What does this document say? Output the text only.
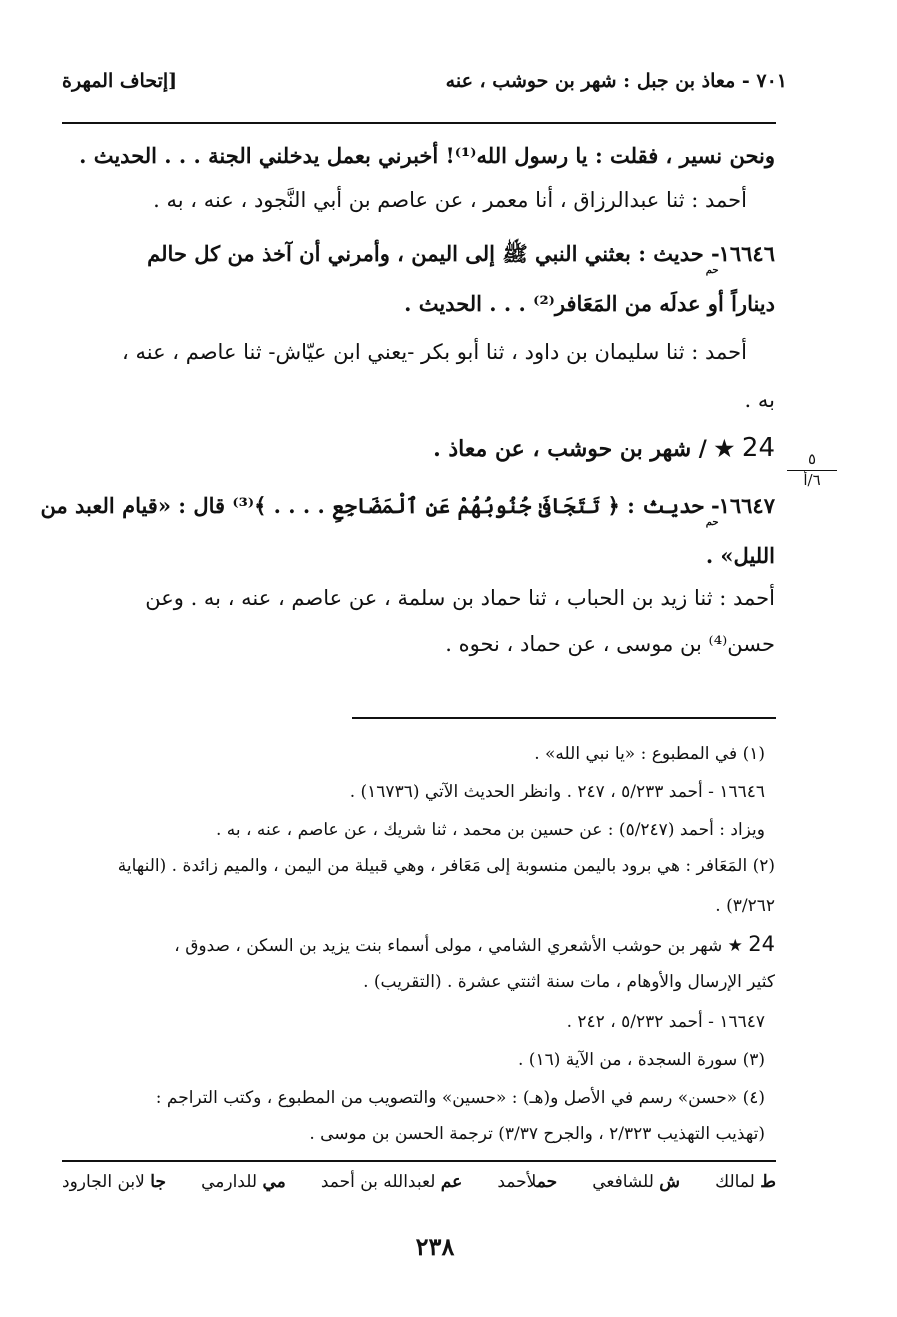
٧٠١ - معاذ بن جبل : شهر بن حوشب ، عنه
[إتحاف المهرة
ونحن نسير ، فقلت : يا رسول الله⁽¹⁾! أخبرني بعمل يدخلني الجنة . . . الحديث .
أحمد : ثنا عبدالرزاق ، أنا معمر ، عن عاصم بن أبي النَّجود ، عنه ، به .
١٦٦٤٦حم- حديث : بعثني النبي ﷺ إلى اليمن ، وأمرني أن آخذ من كل حالم
ديناراً أو عدلَه من المَعَافر⁽²⁾ . . . الحديث .
أحمد : ثنا سليمان بن داود ، ثنا أبو بكر -يعني ابن عيّاش- ثنا عاصم ، عنه ،
به .
24 ★ / شهر بن حوشب ، عن معاذ .	٥
٦/أ
١٦٦٤٧حم- حديث : ﴿ تَتَجَافَىٰ جُنُوبُهُمْ عَنِ ٱلْمَضَاجِعِ . . . . ﴾⁽³⁾ قال : «قيام العبد من
الليل» .
أحمد : ثنا زيد بن الحباب ، ثنا حماد بن سلمة ، عن عاصم ، عنه ، به . وعن
حسن⁽⁴⁾ بن موسى ، عن حماد ، نحوه .
(١) في المطبوع : «يا نبي الله» .
١٦٦٤٦ - أحمد ٥/٢٣٣ ، ٢٤٧ . وانظر الحديث الآتي (١٦٧٣٦) .
ويزاد : أحمد (٥/٢٤٧) : عن حسين بن محمد ، ثنا شريك ، عن عاصم ، عنه ، به .
(٢) المَعَافر : هي برود باليمن منسوبة إلى مَعَافر ، وهي قبيلة من اليمن ، والميم زائدة . (النهاية
٣/٢٦٢) .
24 ★ شهر بن حوشب الأشعري الشامي ، مولى أسماء بنت يزيد بن السكن ، صدوق ،
كثير الإرسال والأوهام ، مات سنة اثنتي عشرة . (التقريب) .
١٦٦٤٧ - أحمد ٥/٢٣٢ ، ٢٤٢ .
(٣) سورة السجدة ، من الآية (١٦) .
(٤) «حسن» رسم في الأصل و(هـ) : «حسين» والتصويب من المطبوع ، وكتب التراجم :
(تهذيب التهذيب ٢/٣٢٣ ، والجرح ٣/٣٧) ترجمة الحسن بن موسى .
ط لمالك
ش للشافعي
حملأحمد
عم لعبدالله بن أحمد
مي للدارمي
جا لابن الجارود
٢٣٨
